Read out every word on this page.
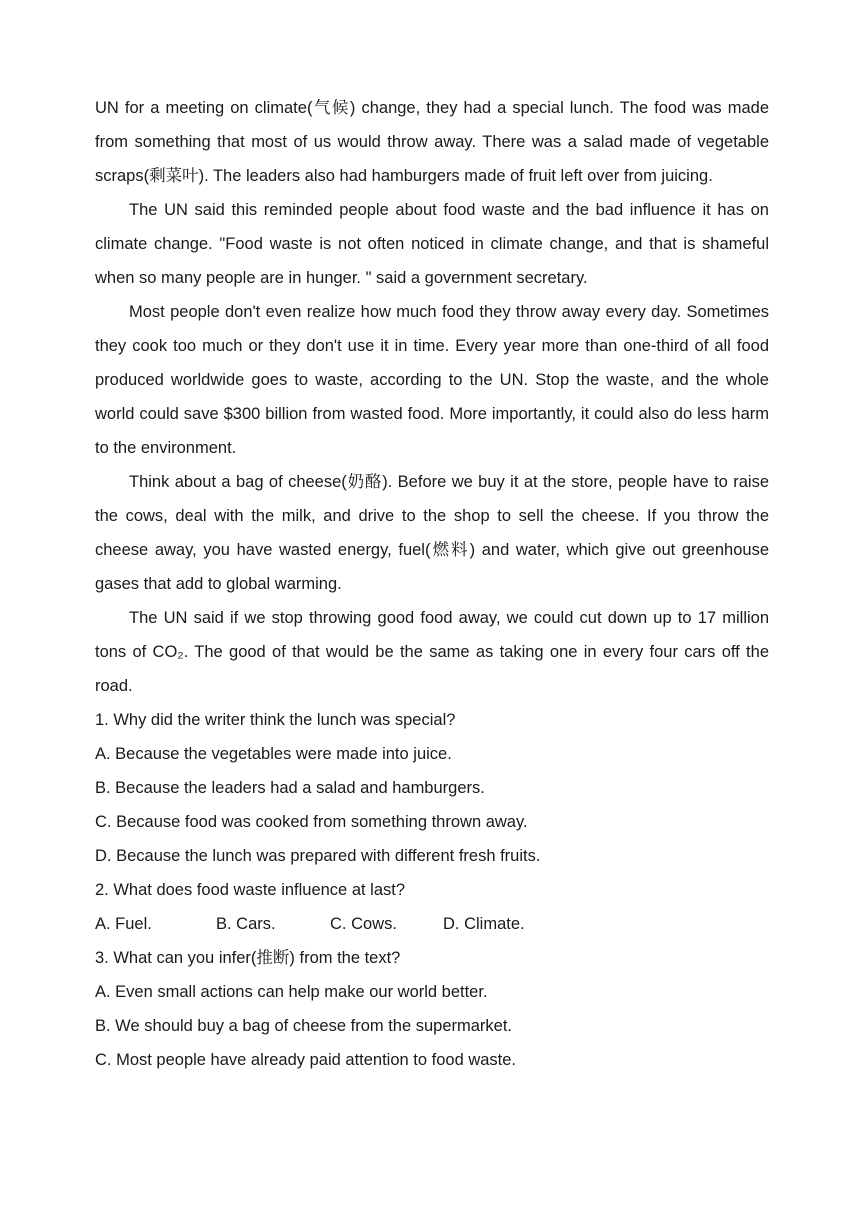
UN for a meeting on climate(气候) change, they had a special lunch. The food was made from something that most of us would throw away. There was a salad made of vegetable scraps(剩菜叶). The leaders also had hamburgers made of fruit left over from juicing.

The UN said this reminded people about food waste and the bad influence it has on climate change. "Food waste is not often noticed in climate change, and that is shameful when so many people are in hunger. " said a government secretary.

Most people don't even realize how much food they throw away every day. Sometimes they cook too much or they don't use it in time. Every year more than one-third of all food produced worldwide goes to waste, according to the UN. Stop the waste, and the whole world could save $300 billion from wasted food. More importantly, it could also do less harm to the environment.

Think about a bag of cheese(奶酪). Before we buy it at the store, people have to raise the cows, deal with the milk, and drive to the shop to sell the cheese. If you throw the cheese away, you have wasted energy, fuel(燃料) and water, which give out greenhouse gases that add to global warming.

The UN said if we stop throwing good food away, we could cut down up to 17 million tons of CO₂. The good of that would be the same as taking one in every four cars off the road.

1. Why did the writer think the lunch was special?

A. Because the vegetables were made into juice.

B. Because the leaders had a salad and hamburgers.

C. Because food was cooked from something thrown away.

D. Because the lunch was prepared with different fresh fruits.

2. What does food waste influence at last?

A. Fuel.	B. Cars.	C. Cows.	D. Climate.

3. What can you infer(推断) from the text?

A. Even small actions can help make our world better.

B. We should buy a bag of cheese from the supermarket.

C. Most people have already paid attention to food waste.
